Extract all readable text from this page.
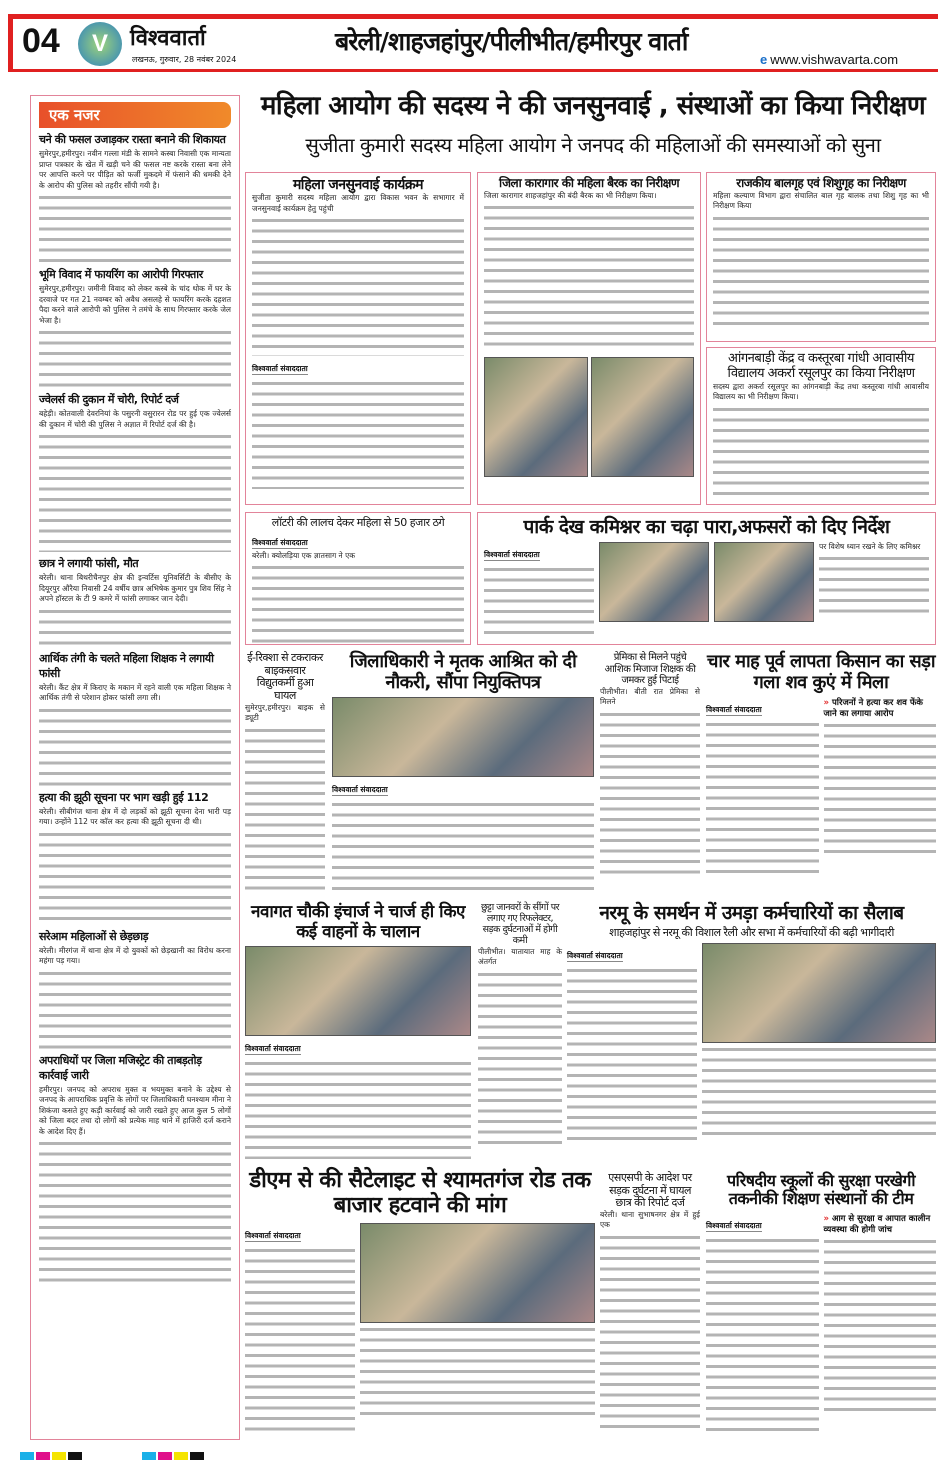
04	V	विश्ववार्ता
लखनऊ, गुरुवार, 28 नवंबर 2024
बरेली/शाहजहांपुर/पीलीभीत/हमीरपुर वार्ता
e www.vishwavarta.com
एक नजर
चने की फसल उजाड़कर रास्ता बनाने की शिकायत
सुमेरपुर,हमीरपुर। नवीन गल्ला मंडी के सामने कस्बा निवासी एक मान्यता प्राप्त पत्रकार के खेत में खड़ी चने की फसल नष्ट करके रास्ता बना लेने पर आपत्ति करने पर पीड़ित को फर्जी मुकदमे में फंसाने की धमकी देने के आरोप की पुलिस को तहरीर सौंपी गयी है।
भूमि विवाद में फायरिंग का आरोपी गिरफ्तार
सुमेरपुर,हमीरपुर। जमीनी विवाद को लेकर कस्बे के चांद थोक में घर के दरवाजे पर गत 21 नवम्बर को अवैध असलहे से फायरिंग करके दहशत पैदा करने वाले आरोपी को पुलिस ने तमंचे के साथ गिरफ्तार करके जेल भेजा है।
ज्वेलर्स की दुकान में चोरी, रिपोर्ट दर्ज
बहेड़ी। कोतवाली देवरनियां के पसुरनी वसुरारन रोड पर हुई एक ज्वेलर्स की दुकान में चोरी की पुलिस ने अज्ञात में रिपोर्ट दर्ज की है।
छात्र ने लगायी फांसी, मौत
बरेली। थाना बिथरीचैनपुर क्षेत्र की इन्वर्टिस यूनिवर्सिटी के बीसीए के दियूरपुर औरैया निवासी 24 वर्षीय छात्र अभिषेक कुमार पुत्र शिव सिंह ने अपने हॉस्टल के टी 9 कमरे में फांसी लगाकर जान देदी।
आर्थिक तंगी के चलते महिला शिक्षक ने लगायी फांसी
बरेली। कैंट क्षेत्र में किराए के मकान में रहने वाली एक महिला शिक्षक ने आर्थिक तंगी से परेशान होकर फांसी लगा ली।
हत्या की झूठी सूचना पर भाग खड़ी हुई 112
बरेली। सीबीगंज थाना क्षेत्र में दो लड़कों को झूठी सूचना देना भारी पड़ गया। उन्होंने 112 पर कॉल कर हत्या की झूठी सूचना दी थी।
सरेआम महिलाओं से छेड़छाड़
बरेली। मीरगंज में थाना क्षेत्र में दो युवकों को छेड़खानी का विरोध करना महंगा पड़ गया।
अपराधियों पर जिला मजिस्ट्रेट की ताबड़तोड़ कार्रवाई जारी
हमीरपुर। जनपद को अपराध मुक्त व भयमुक्त बनाने के उद्देश्य से जनपद के आपराधिक प्रवृत्ति के लोगों पर जिलाधिकारी घनश्याम मीना ने शिकंजा कसते हुए कड़ी कार्रवाई को जारी रखते हुए आज कुल 5 लोगों को जिला बदर तथा दो लोगों को प्रत्येक माह थाने में हाजिरी दर्ज कराने के आदेश दिए हैं।
महिला आयोग की सदस्य ने की जनसुनवाई , संस्थाओं का किया निरीक्षण
सुजीता कुमारी सदस्य महिला आयोग ने जनपद की महिलाओं की समस्याओं को सुना
महिला जनसुनवाई कार्यक्रम
सुजीता कुमारी सदस्य महिला आयोग द्वारा विकास भवन के सभागार में जनसुनवाई कार्यक्रम हेतु पहुंची
विश्ववार्ता संवाददाता
जिला कारागार की महिला बैरक का निरीक्षण
जिला कारागार शाहजहांपुर की बंदी बैरक का भी निरीक्षण किया।
राजकीय बालगृह एवं शिशुगृह का निरीक्षण
महिला कल्याण विभाग द्वारा संचालित बाल गृह बालक तथा शिशु गृह का भी निरीक्षण किया
आंगनबाड़ी केंद्र व कस्तूरबा गांधी आवासीय विद्यालय अकर्रा रसूलपुर का किया निरीक्षण
सदस्य द्वारा अकर्रा रसूलपुर का आंगनबाड़ी केंद्र तथा कस्तूरबा गांधी आवासीय विद्यालय का भी निरीक्षण किया।
लॉटरी की लालच देकर महिला से 50 हजार ठगे
विश्ववार्ता संवाददाता
बरेली। क्योलड़िया एक ज्ञातसाग ने एक
पार्क देख कमिश्नर का चढ़ा पारा,अफसरों को दिए निर्देश
विश्ववार्ता संवाददाता
पर विशेष ध्यान रखने के लिए कमिश्नर
ई-रिक्शा से टकराकर बाइकसवार विद्युतकर्मी हुआ घायल
सुमेरपुर,हमीरपुर। बाइक से ड्यूटी
जिलाधिकारी ने मृतक आश्रित को दी नौकरी, सौंपा नियुक्तिपत्र
विश्ववार्ता संवाददाता
प्रेमिका से मिलने पहुंचे आशिक मिजाज शिक्षक की जमकर हुई पिटाई
पीलीभीत। बीती रात प्रेमिका से मिलने
चार माह पूर्व लापता किसान का सड़ा गला शव कुएं में मिला
विश्ववार्ता संवाददाता
» परिजनों ने हत्या कर शव फेंके जाने का लगाया आरोप
नवागत चौकी इंचार्ज ने चार्ज ही किए कई वाहनों के चालान
विश्ववार्ता संवाददाता
छुट्टा जानवरों के सींगों पर लगाए गए रिफलेक्टर, सड़क दुर्घटनाओं में होगी कमी
पीलीभीत। यातायात माह के अंतर्गत
नरमू के समर्थन में उमड़ा कर्मचारियों का सैलाब
शाहजहांपुर से नरमू की विशाल रैली और सभा में कर्मचारियों की बढ़ी भागीदारी
विश्ववार्ता संवाददाता
डीएम से की सैटेलाइट से श्यामतगंज रोड तक बाजार हटवाने की मांग
विश्ववार्ता संवाददाता
एसएसपी के आदेश पर सड़क दुर्घटना में घायल छात्र की रिपोर्ट दर्ज
बरेली। थाना सुभाषनगर क्षेत्र में हुई एक
परिषदीय स्कूलों की सुरक्षा परखेगी तकनीकी शिक्षण संस्थानों की टीम
विश्ववार्ता संवाददाता
» आग से सुरक्षा व आपात कालीन व्यवस्था की होगी जांच
